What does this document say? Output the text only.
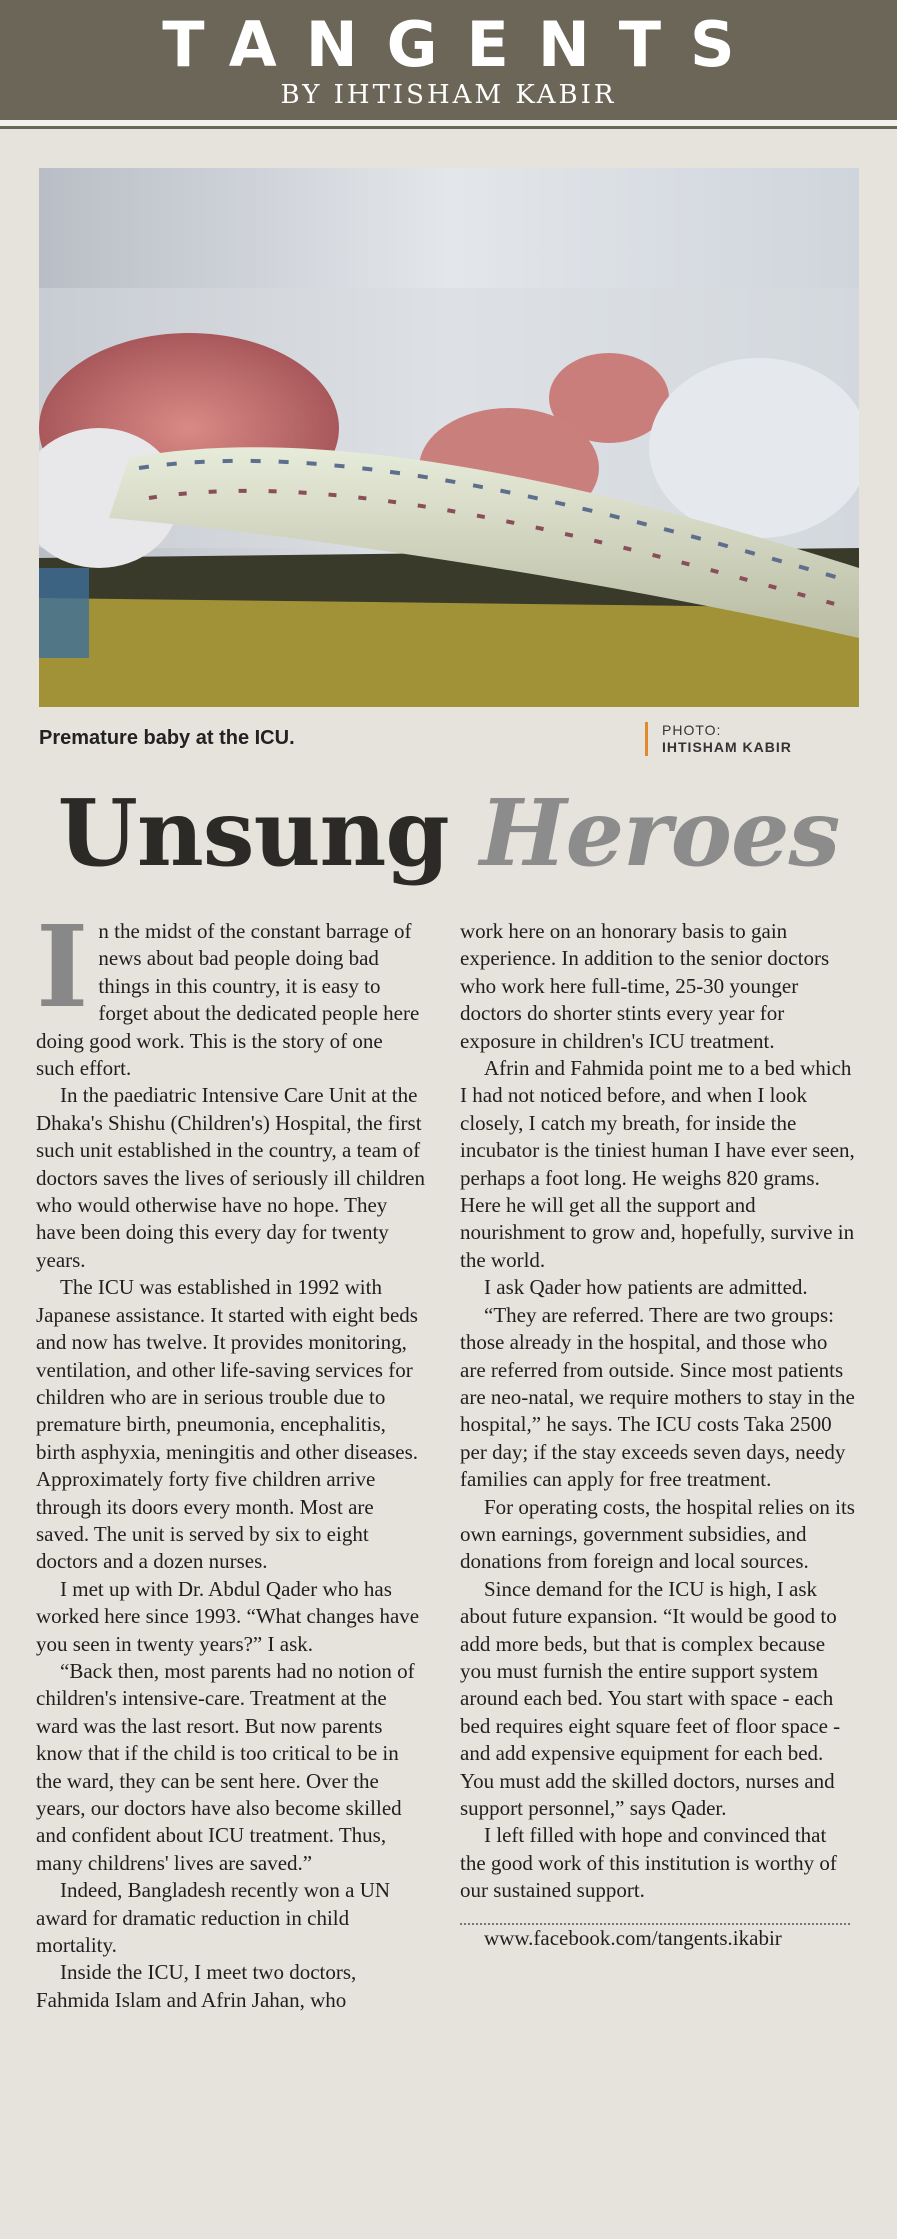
TANGENTS
BY IHTISHAM KABIR
Premature baby at the ICU.	PHOTO:
IHTISHAM KABIR
Unsung Heroes

In the midst of the constant barrage of news about bad people doing bad things in this country, it is easy to forget about the dedicated people here doing good work. This is the story of one such effort.

In the paediatric Intensive Care Unit at the Dhaka's Shishu (Children's) Hospital, the first such unit established in the country, a team of doctors saves the lives of seriously ill children who would otherwise have no hope. They have been doing this every day for twenty years.

The ICU was established in 1992 with Japanese assistance. It started with eight beds and now has twelve. It provides monitoring, ventilation, and other life-saving services for children who are in serious trouble due to premature birth, pneumonia, encephalitis, birth asphyxia, meningitis and other diseases. Approximately forty five children arrive through its doors every month. Most are saved. The unit is served by six to eight doctors and a dozen nurses.

I met up with Dr. Abdul Qader who has worked here since 1993. “What changes have you seen in twenty years?” I ask.

“Back then, most parents had no notion of children's intensive-care. Treatment at the ward was the last resort. But now parents know that if the child is too critical to be in the ward, they can be sent here. Over the years, our doctors have also become skilled and confident about ICU treatment. Thus, many childrens' lives are saved.”

Indeed, Bangladesh recently won a UN award for dramatic reduction in child mortality.

Inside the ICU, I meet two doctors, Fahmida Islam and Afrin Jahan, who

work here on an honorary basis to gain experience. In addition to the senior doctors who work here full-time, 25-30 younger doctors do shorter stints every year for exposure in children's ICU treatment.

Afrin and Fahmida point me to a bed which I had not noticed before, and when I look closely, I catch my breath, for inside the incubator is the tiniest human I have ever seen, perhaps a foot long. He weighs 820 grams. Here he will get all the support and nourishment to grow and, hopefully, survive in the world.

I ask Qader how patients are admitted.

“They are referred. There are two groups: those already in the hospital, and those who are referred from outside. Since most patients are neo-natal, we require mothers to stay in the hospital,” he says. The ICU costs Taka 2500 per day; if the stay exceeds seven days, needy families can apply for free treatment.

For operating costs, the hospital relies on its own earnings, government subsidies, and donations from foreign and local sources.

Since demand for the ICU is high, I ask about future expansion. “It would be good to add more beds, but that is complex because you must furnish the entire support system around each bed. You start with space - each bed requires eight square feet of floor space - and add expensive equipment for each bed. You must add the skilled doctors, nurses and support personnel,” says Qader.

I left filled with hope and convinced that the good work of this institution is worthy of our sustained support.

www.facebook.com/tangents.ikabir
